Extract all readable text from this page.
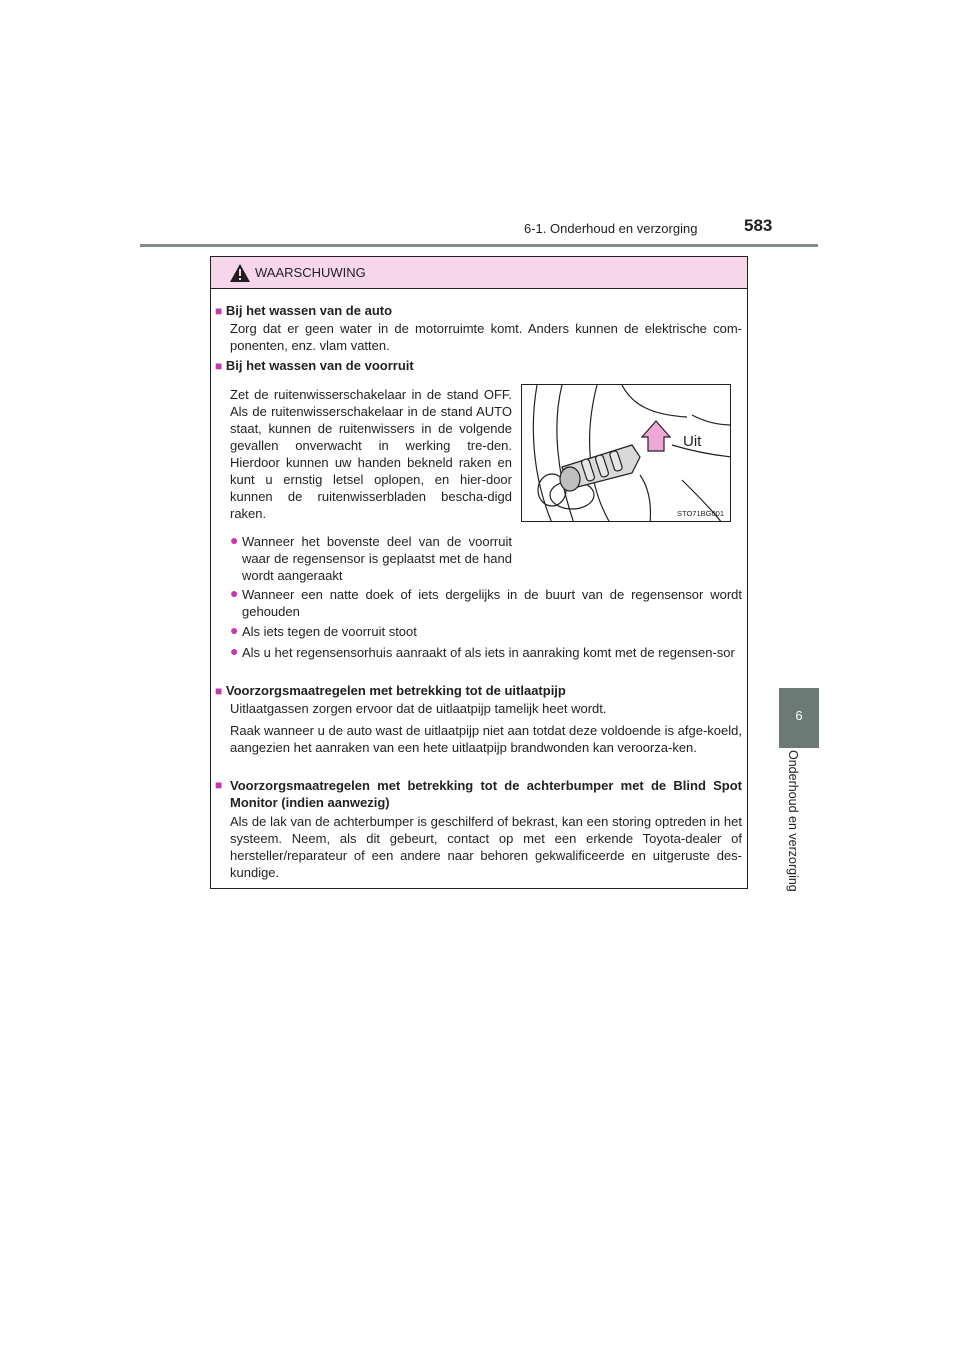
6-1. Onderhoud en verzorging	583
6
Onderhoud en verzorging
WAARSCHUWING
■ Bij het wassen van de auto
Zorg dat er geen water in de motorruimte komt. Anders kunnen de elektrische com-ponenten, enz. vlam vatten.
■ Bij het wassen van de voorruit
Zet de ruitenwisserschakelaar in de stand OFF. Als de ruitenwisserschakelaar in de stand AUTO staat, kunnen de ruitenwissers in de volgende gevallen onverwacht in werking tre-den. Hierdoor kunnen uw handen bekneld raken en kunt u ernstig letsel oplopen, en hier-door kunnen de ruitenwisserbladen bescha-digd raken.
● Wanneer het bovenste deel van de voorruit waar de regensensor is geplaatst met de hand wordt aangeraakt
● Wanneer een natte doek of iets dergelijks in de buurt van de regensensor wordt gehouden
● Als iets tegen de voorruit stoot
● Als u het regensensorhuis aanraakt of als iets in aanraking komt met de regensen-sor
■ Voorzorgsmaatregelen met betrekking tot de uitlaatpijp
Uitlaatgassen zorgen ervoor dat de uitlaatpijp tamelijk heet wordt.
Raak wanneer u de auto wast de uitlaatpijp niet aan totdat deze voldoende is afge-koeld, aangezien het aanraken van een hete uitlaatpijp brandwonden kan veroorza-ken.
■ Voorzorgsmaatregelen met betrekking tot de achterbumper met de Blind Spot Monitor (indien aanwezig)
Als de lak van de achterbumper is geschilferd of bekrast, kan een storing optreden in het systeem. Neem, als dit gebeurt, contact op met een erkende Toyota-dealer of hersteller/reparateur of een andere naar behoren gekwalificeerde en uitgeruste des-kundige.
Uit
STO71BG001
